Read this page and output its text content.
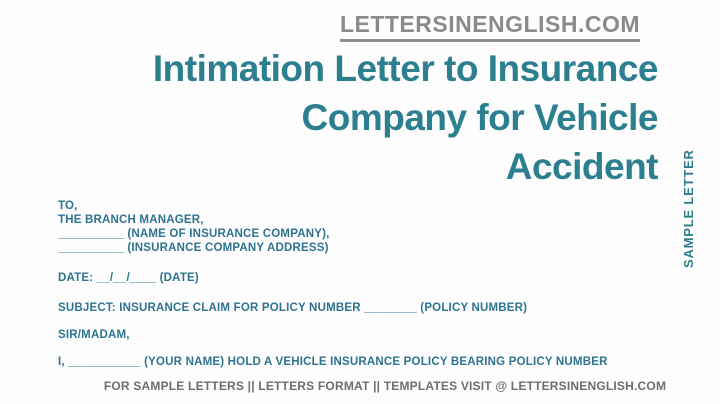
LETTERSINENGLISH.COM
Intimation Letter to Insurance
Company for Vehicle
Accident SAMPLE LETTER
TO,
THE BRANCH MANAGER,
__________ (NAME OF INSURANCE COMPANY),
__________ (INSURANCE COMPANY ADDRESS)
DATE: __/__/____ (DATE)
SUBJECT: INSURANCE CLAIM FOR POLICY NUMBER ________ (POLICY NUMBER)
SIR/MADAM,
I, ___________ (YOUR NAME) HOLD A VEHICLE INSURANCE POLICY BEARING POLICY NUMBER
FOR SAMPLE LETTERS || LETTERS FORMAT || TEMPLATES VISIT @ LETTERSINENGLISH.COM
